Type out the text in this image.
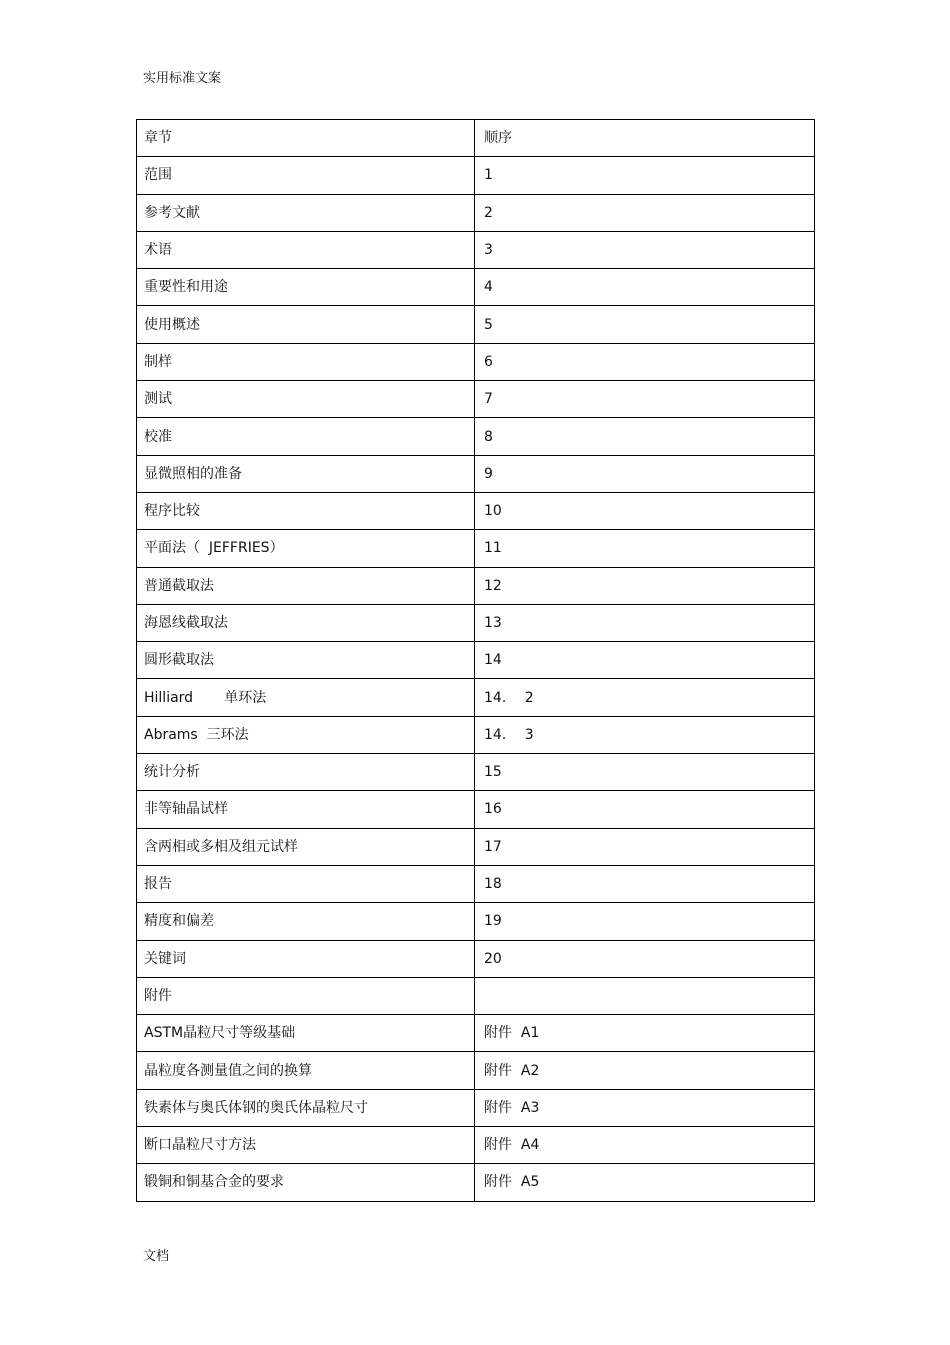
实用标准文案
章节	顺序
范围	1
参考文献	2
术语	3
重要性和用途	4
使用概述	5
制样	6
测试	7
校准	8
显微照相的准备	9
程序比较	10
平面法（  JEFFRIES）	11
普通截取法	12
海恩线截取法	13
圆形截取法	14
Hilliard       单环法	14．  2
Abrams  三环法	14．  3
统计分析	15
非等轴晶试样	16
含两相或多相及组元试样	17
报告	18
精度和偏差	19
关键词	20
附件	
ASTM晶粒尺寸等级基础	附件  A1
晶粒度各测量值之间的换算	附件  A2
铁素体与奥氏体钢的奥氏体晶粒尺寸	附件  A3
断口晶粒尺寸方法	附件  A4
锻铜和铜基合金的要求	附件  A5
文档
